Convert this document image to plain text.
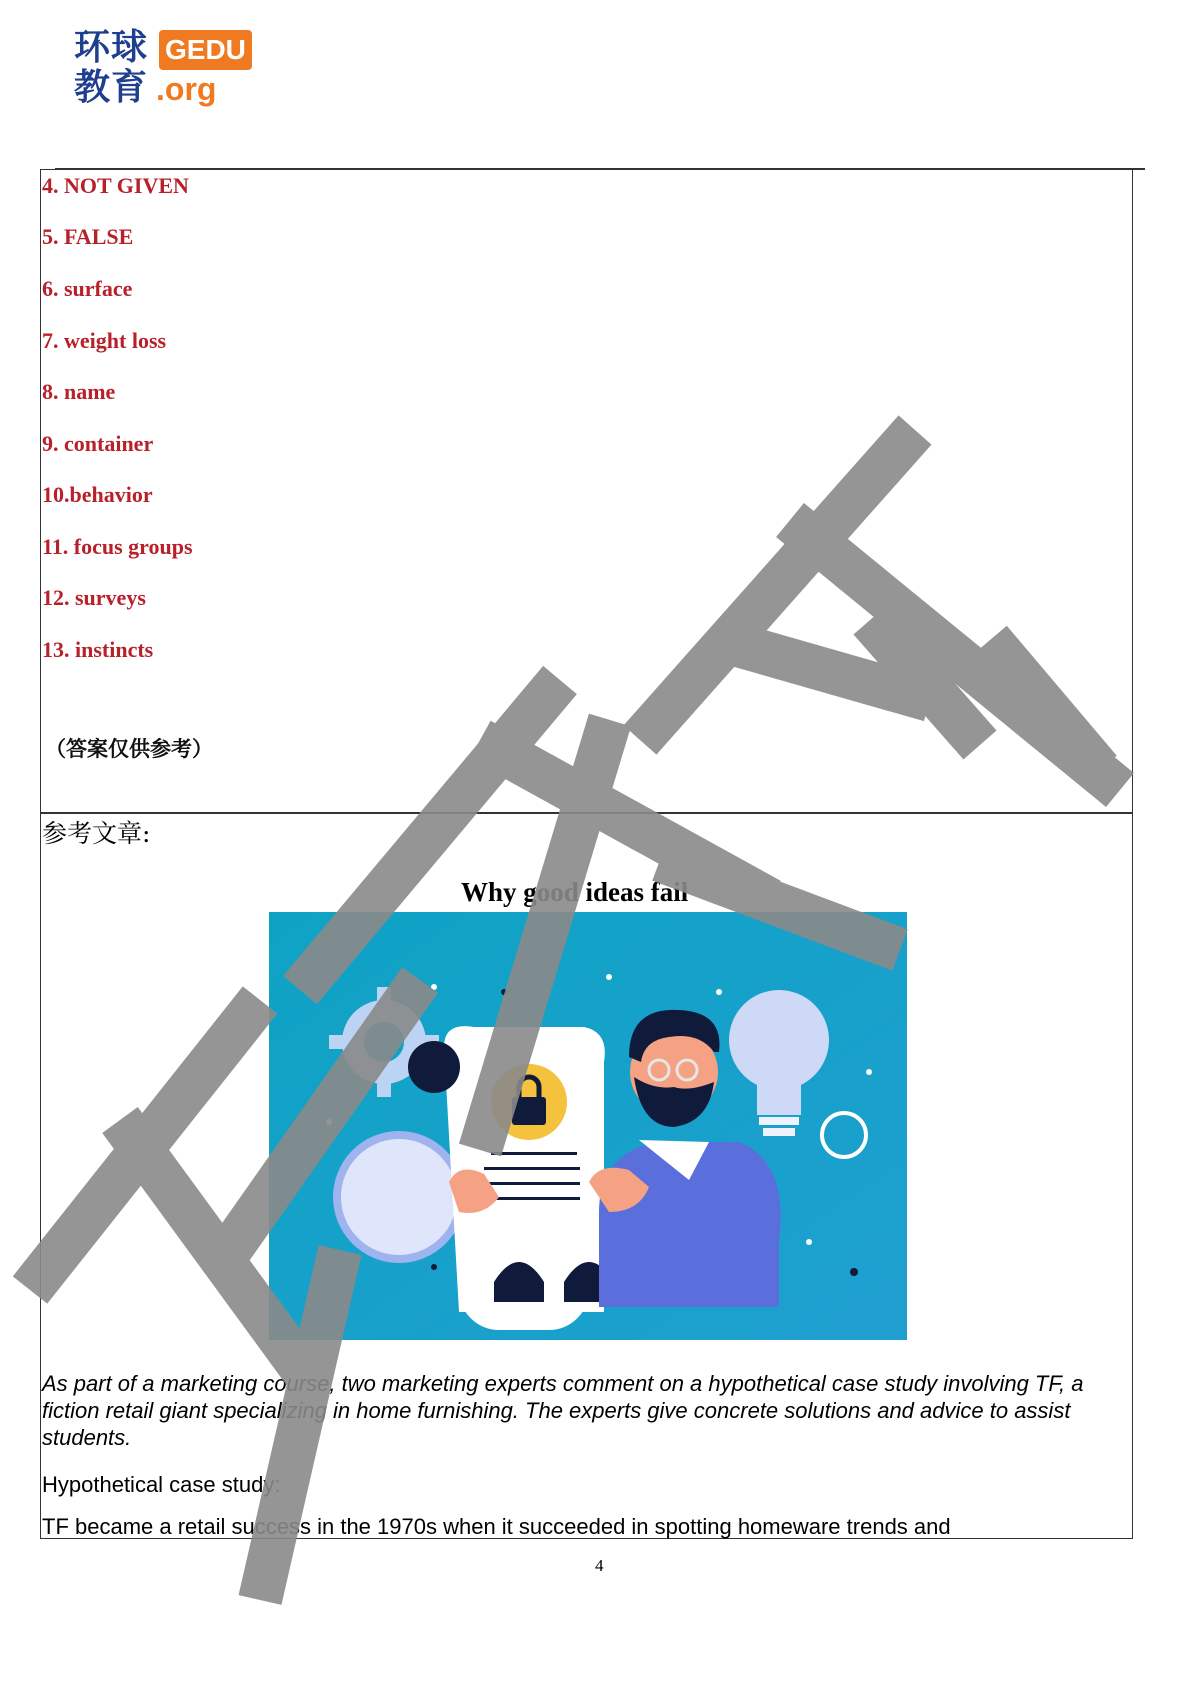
环球
教育
GEDU
.org
4. NOT GIVEN
5. FALSE
6. surface
7. weight loss
8. name
9. container
10.behavior
11. focus groups
12. surveys
13. instincts
（答案仅供参考）
参考文章:
Why good ideas fail
As part of a marketing course, two marketing experts comment on a hypothetical case study involving TF, a fiction retail giant specializing in home furnishing. The experts give concrete solutions and advice to assist students.
Hypothetical case study:
TF became a retail success in the 1970s when it succeeded in spotting homeware trends and
4
